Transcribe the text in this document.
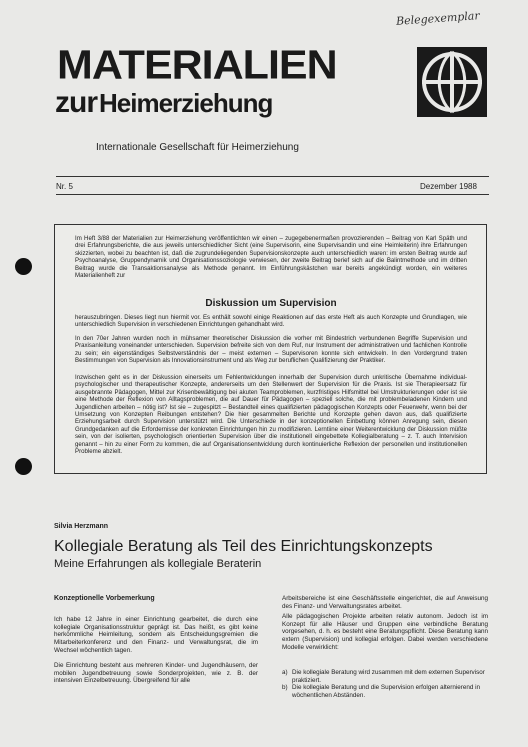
Belegexemplar
MATERIALIEN
zurHeimerziehung
Internationale Gesellschaft für Heimerziehung
Nr. 5	Dezember 1988
Im Heft 3/88 der Materialien zur Heimerziehung veröffentlichten wir einen – zugegebenermaßen provozierenden – Beitrag von Karl Späth und drei Erfahrungsberichte, die aus jeweils unterschiedlicher Sicht (eine Supervisorin, eine Supervisandin und eine Heimleiterin) ihre Erfahrungen skizzierten, wobei zu beachten ist, daß die zugrundeliegenden Supervisionskonzepte auch unterschiedlich waren: im ersten Beitrag wurde auf Psychoanalyse, Gruppendynamik und Organisationssoziologie verwiesen, der zweite Beitrag berief sich auf die Balintmethode und im dritten Beitrag wurde die Transaktionsanalyse als Methode genannt. Im Einführungskästchen war bereits angekündigt worden, ein weiteres Materialienheft zur
Diskussion um Supervision
herauszubringen. Dieses liegt nun hiermit vor. Es enthält sowohl einige Reaktionen auf das erste Heft als auch Konzepte und Grundlagen, wie unterschiedlich Supervision in verschiedenen Einrichtungen gehandhabt wird.
In den 70er Jahren wurden noch in mühsamer theoretischer Diskussion die vorher mit Bindestrich verbundenen Begriffe Supervision und Praxisanleitung voneinander unterschieden. Supervision befreite sich von dem Ruf, nur Instrument der administrativen und fachlichen Kontrolle zu sein; ein eigenständiges Selbstverständnis der – meist externen – Supervisoren konnte sich entwickeln. In den Vordergrund traten Bestimmungen von Supervision als Innovationsinstrument und als Weg zur beruflichen Qualifizierung der Praktiker.
Inzwischen geht es in der Diskussion einerseits um Fehlentwicklungen innerhalb der Supervision durch unkritische Übernahme individual-psychologischer und therapeutischer Konzepte, andererseits um den Stellenwert der Supervision für die Praxis. Ist sie Therapieersatz für ausgebrannte Pädagogen, Mittel zur Krisenbewältigung bei akuten Teamproblemen, kurzfristiges Hilfsmittel bei Umstrukturierungen oder ist sie eine Methode der Reflexion von Alltagsproblemen, die auf Dauer für Pädagogen – speziell solche, die mit problembeladenen Kindern und Jugendlichen arbeiten – nötig ist? Ist sie – zugespitzt – Bestandteil eines qualifizierten pädagogischen Konzepts oder Feuerwehr, wenn bei der Umsetzung von Konzepten Reibungen entstehen? Die hier gesammelten Berichte und Konzepte gehen davon aus, daß qualifizierte Erziehungsarbeit durch Supervision unterstützt wird. Die Unterschiede in der konzeptionellen Einbettung können Anregung sein, diesen Grundgedanken auf die Erfordernisse der konkreten Einrichtungen hin zu modifizieren. Lerntiine einer Weiterentwicklung der Diskussion müßte sein, von der isolierten, psychologisch orientierten Supervision über die institutionell eingebettete Kollegialberatung – z. T. auch Intervision genannt – hin zu einer Form zu kommen, die auf Organisationsentwicklung durch kontinuierliche Reflexion der personellen und institutionellen Probleme abzielt.
Silvia Herzmann
Kollegiale Beratung als Teil des Einrichtungskonzepts
Meine Erfahrungen als kollegiale Beraterin
Konzeptionelle Vorbemerkung
Ich habe 12 Jahre in einer Einrichtung gearbeitet, die durch eine kollegiale Organisationsstruktur geprägt ist. Das heißt, es gibt keine herkömmliche Heimleitung, sondern als Entscheidungsgremien die Mitarbeiterkonferenz und den Finanz- und Verwaltungsrat, die im Wechsel wöchentlich tagen.
Die Einrichtung besteht aus mehreren Kinder- und Jugendhäusern, der mobilen Jugendbetreuung sowie Sonderprojekten, wie z. B. der intensiven Einzelbetreuung. Übergreifend für alle
Arbeitsbereiche ist eine Geschäftsstelle eingerichtet, die auf Anweisung des Finanz- und Verwaltungsrates arbeitet.
Alle pädagogischen Projekte arbeiten relativ autonom. Jedoch ist im Konzept für alle Häuser und Gruppen eine verbindliche Beratung vorgesehen, d. h. es besteht eine Beratungspflicht. Diese Beratung kann extern (Supervision) und kollegial erfolgen. Dabei werden verschiedene Modelle verwirklicht:
a) Die kollegiale Beratung wird zusammen mit dem externen Supervisor praktiziert.
b) Die kollegiale Beratung und die Supervision erfolgen alternierend in wöchentlichen Abständen.
